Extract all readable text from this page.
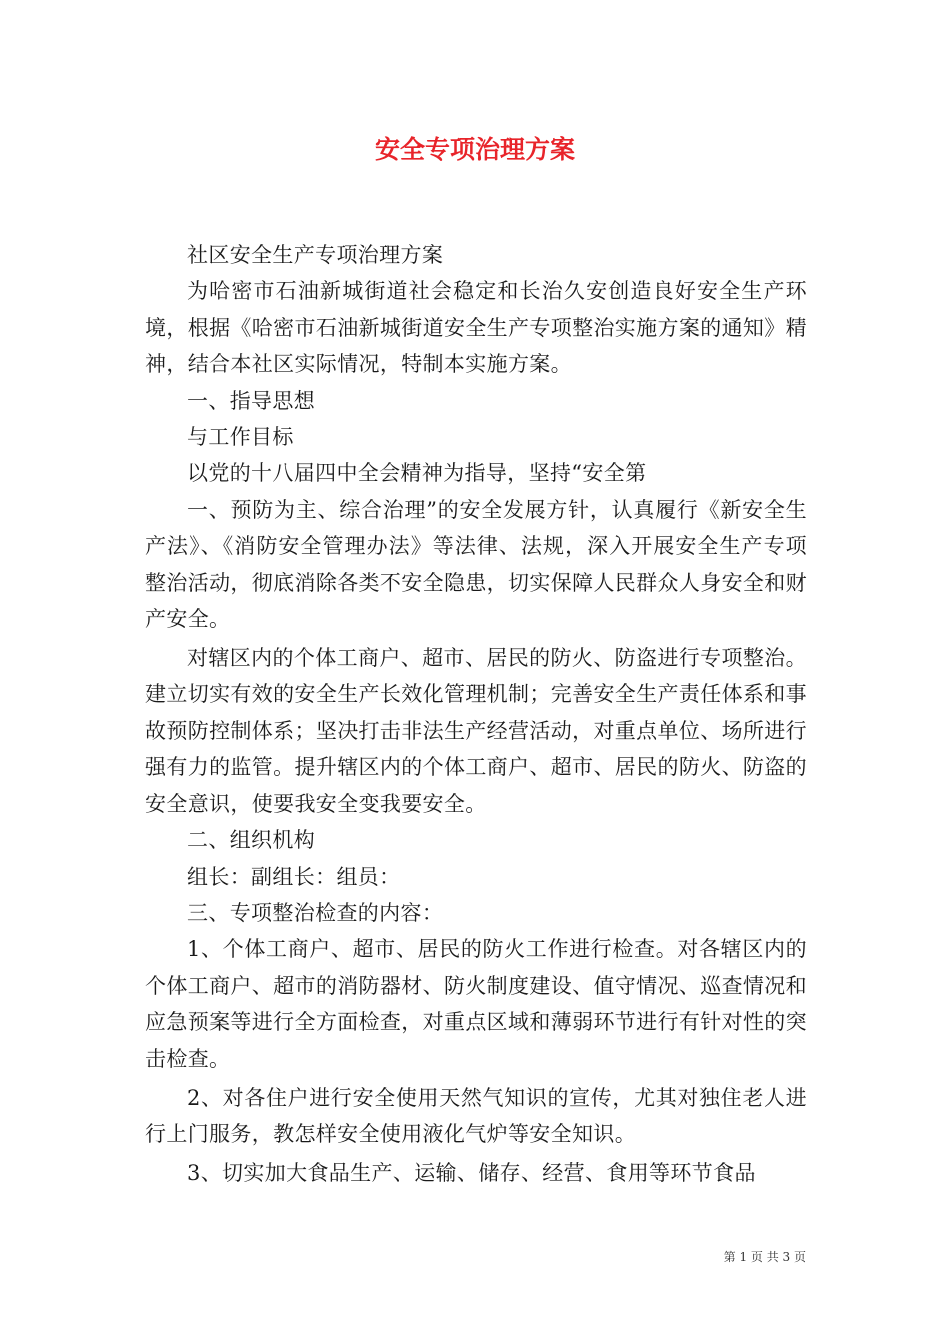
安全专项治理方案

社区安全生产专项治理方案

为哈密市石油新城街道社会稳定和长治久安创造良好安全生产环境，根据《哈密市石油新城街道安全生产专项整治实施方案的通知》精神，结合本社区实际情况，特制本实施方案。

一、指导思想

与工作目标

以党的十八届四中全会精神为指导，坚持“安全第

一、预防为主、综合治理”的安全发展方针，认真履行《新安全生产法》、《消防安全管理办法》等法律、法规，深入开展安全生产专项整治活动，彻底消除各类不安全隐患，切实保障人民群众人身安全和财产安全。

对辖区内的个体工商户、超市、居民的防火、防盗进行专项整治。建立切实有效的安全生产长效化管理机制；完善安全生产责任体系和事故预防控制体系；坚决打击非法生产经营活动，对重点单位、场所进行强有力的监管。提升辖区内的个体工商户、超市、居民的防火、防盗的安全意识，使要我安全变我要安全。

二、组织机构

组长：副组长：组员：

三、专项整治检查的内容：

1、个体工商户、超市、居民的防火工作进行检查。对各辖区内的个体工商户、超市的消防器材、防火制度建设、值守情况、巡查情况和应急预案等进行全方面检查，对重点区域和薄弱环节进行有针对性的突击检查。

2、对各住户进行安全使用天然气知识的宣传，尤其对独住老人进行上门服务，教怎样安全使用液化气炉等安全知识。

3、切实加大食品生产、运输、储存、经营、食用等环节食品

第 1 页 共 3 页
